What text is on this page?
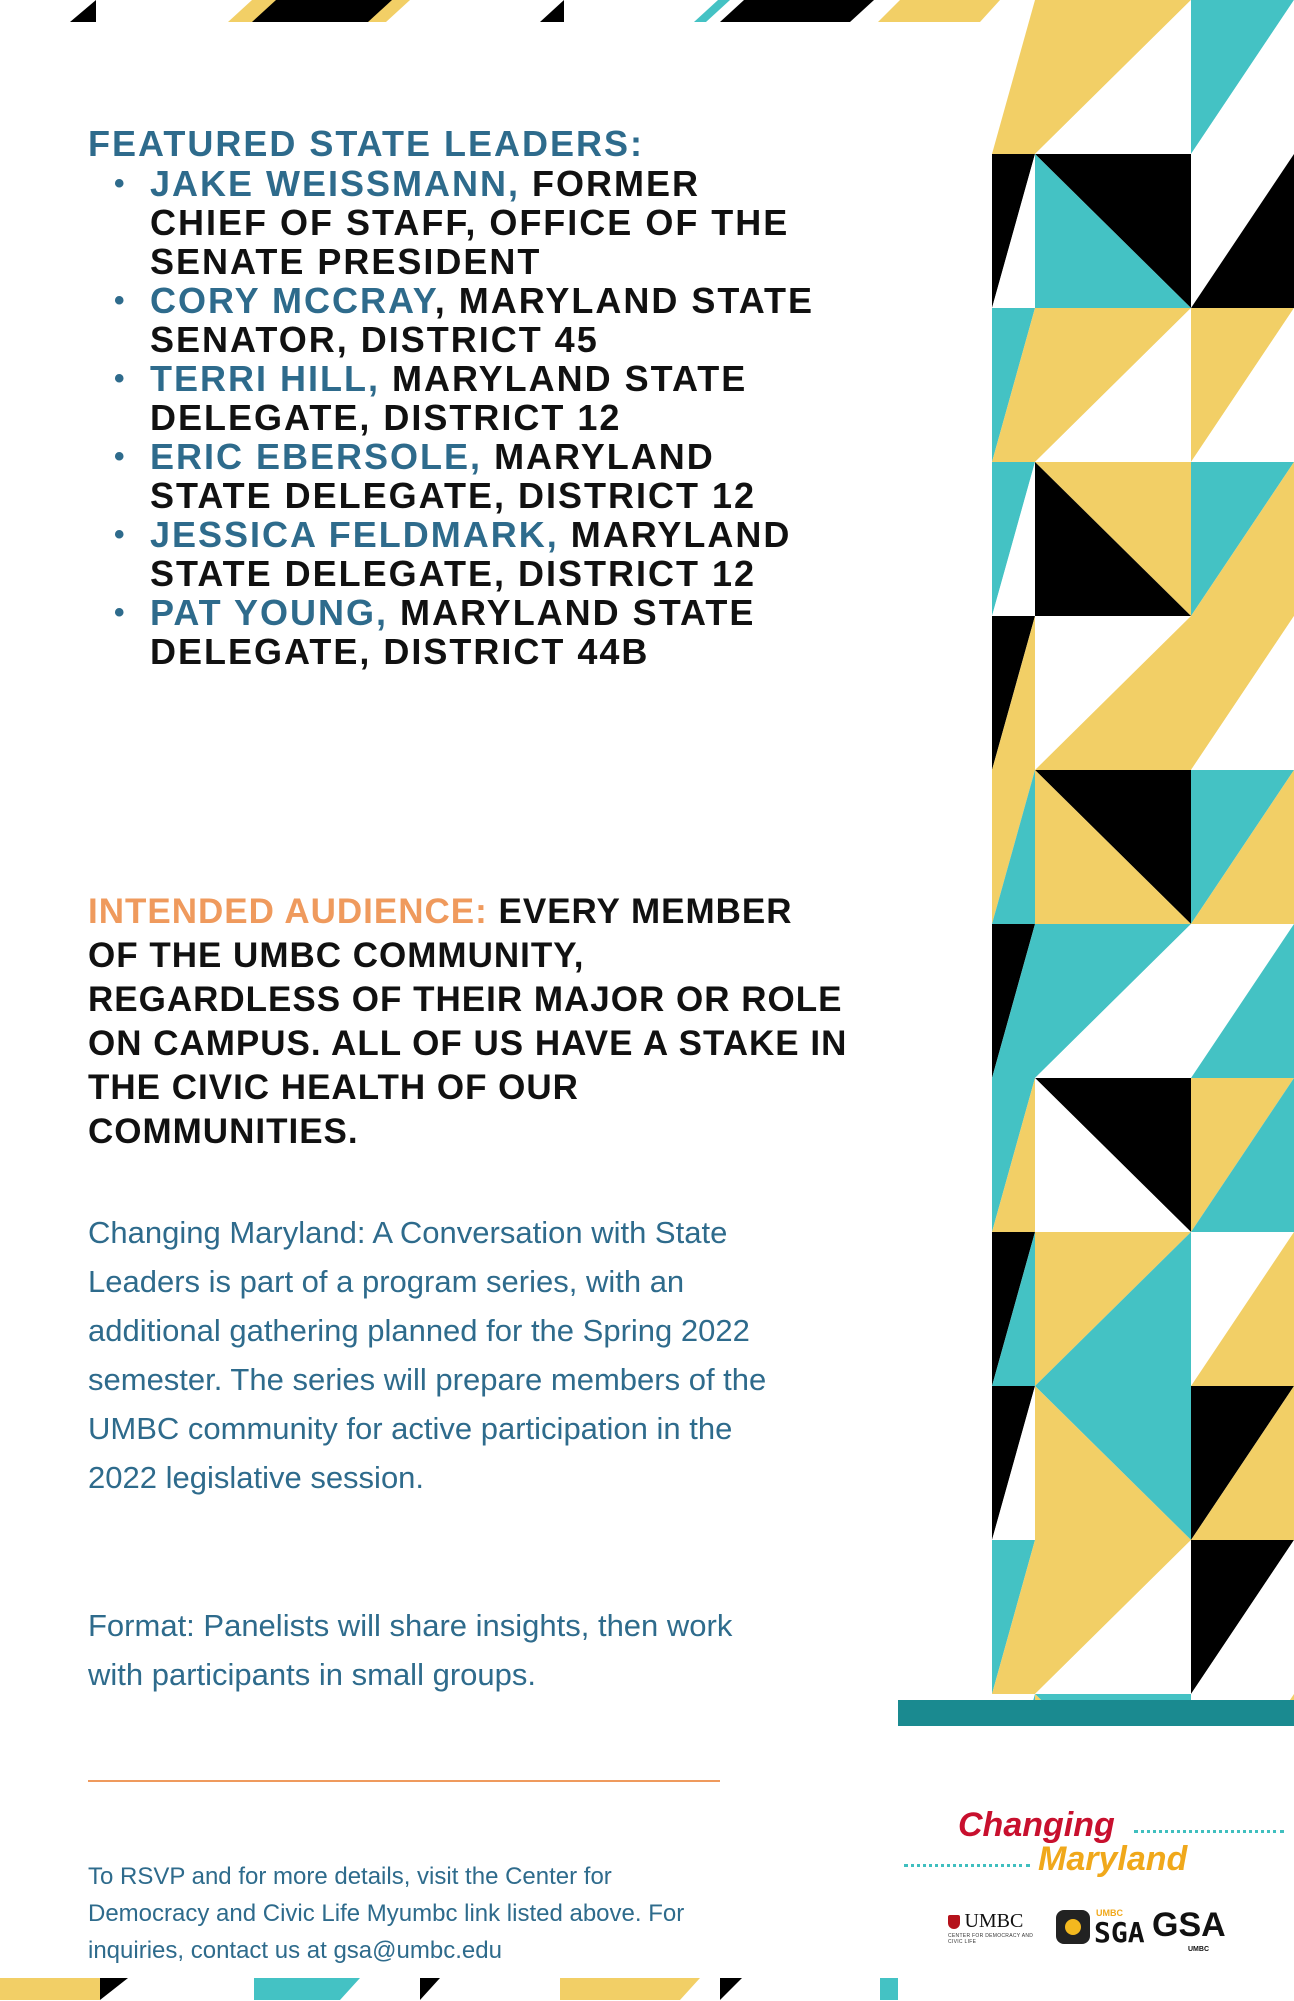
FEATURED STATE LEADERS:
• JAKE WEISSMANN, FORMER CHIEF OF STAFF, OFFICE OF THE SENATE PRESIDENT
• CORY MCCRAY, MARYLAND STATE SENATOR, DISTRICT 45
• TERRI HILL, MARYLAND STATE DELEGATE, DISTRICT 12
• ERIC EBERSOLE, MARYLAND STATE DELEGATE, DISTRICT 12
• JESSICA FELDMARK, MARYLAND STATE DELEGATE, DISTRICT 12
• PAT YOUNG, MARYLAND STATE DELEGATE, DISTRICT 44B
INTENDED AUDIENCE: EVERY MEMBER OF THE UMBC COMMUNITY, REGARDLESS OF THEIR MAJOR OR ROLE ON CAMPUS. ALL OF US HAVE A STAKE IN THE CIVIC HEALTH OF OUR COMMUNITIES.

Changing Maryland: A Conversation with State Leaders is part of a program series, with an additional gathering planned for the Spring 2022 semester. The series will prepare members of the UMBC community for active participation in the 2022 legislative session.

Format: Panelists will share insights, then work with participants in small groups.

To RSVP and for more details, visit the Center for Democracy and Civic Life Myumbc link listed above. For inquiries, contact us at gsa@umbc.edu

Changing
Maryland
UMBC
CENTER FOR DEMOCRACY AND CIVIC LIFE
UMBC
SGA GSA
UMBC
